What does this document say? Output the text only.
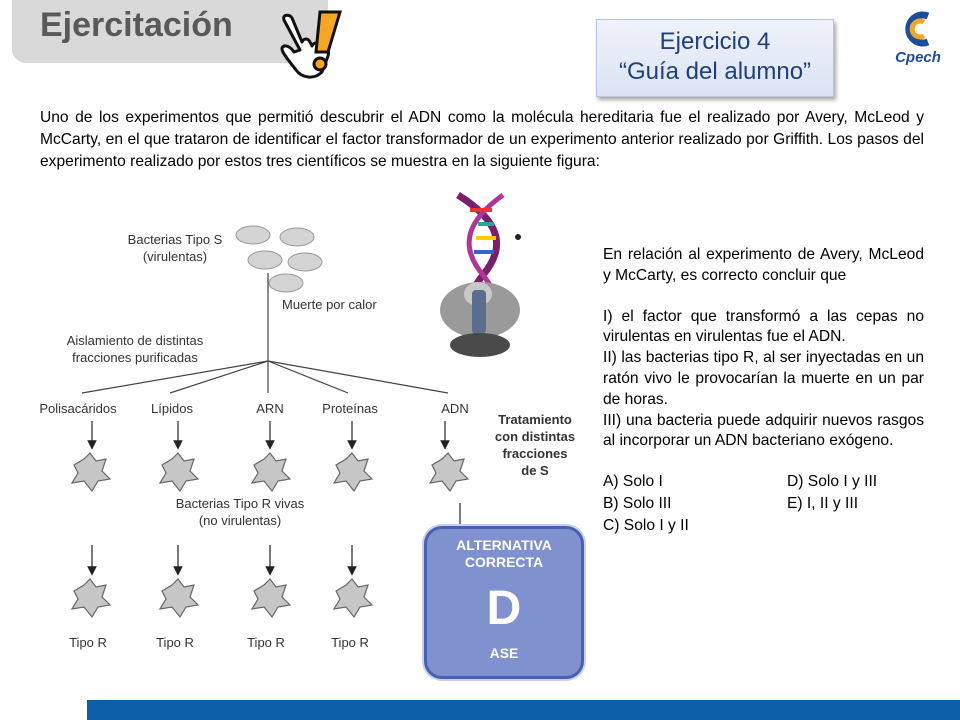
Ejercitación	Ejercicio 4
“Guía del alumno”
Cpech
Uno de los experimentos que permitió descubrir el ADN como la molécula hereditaria fue el realizado por Avery, McLeod y McCarty, en el que trataron de identificar el factor transformador de un experimento anterior realizado por Griffith. Los pasos del experimento realizado por estos tres científicos se muestra en la siguiente figura:
Bacterias Tipo S
(virulentas)
Muerte por calor
Aislamiento de distintas
fracciones purificadas
Polisacáridos	Lípidos	ARN	Proteínas	ADN
Tratamiento
con distintas
fracciones
de S
Bacterias Tipo R vivas
(no virulentas)
Tipo R	Tipo R	Tipo R	Tipo R
En relación al experimento de Avery, McLeod y McCarty, es correcto concluir que
I) el factor que transformó a las cepas no virulentas en virulentas fue el ADN.
II) las bacterias tipo R, al ser inyectadas en un ratón vivo le provocarían la muerte en un par de horas.
III) una bacteria puede adquirir nuevos rasgos al incorporar un ADN bacteriano exógeno.
A) Solo I	D) Solo I y III
B) Solo III	E) I, II y III
C) Solo I y II
ALTERNATIVA
CORRECTA
D
ASE
